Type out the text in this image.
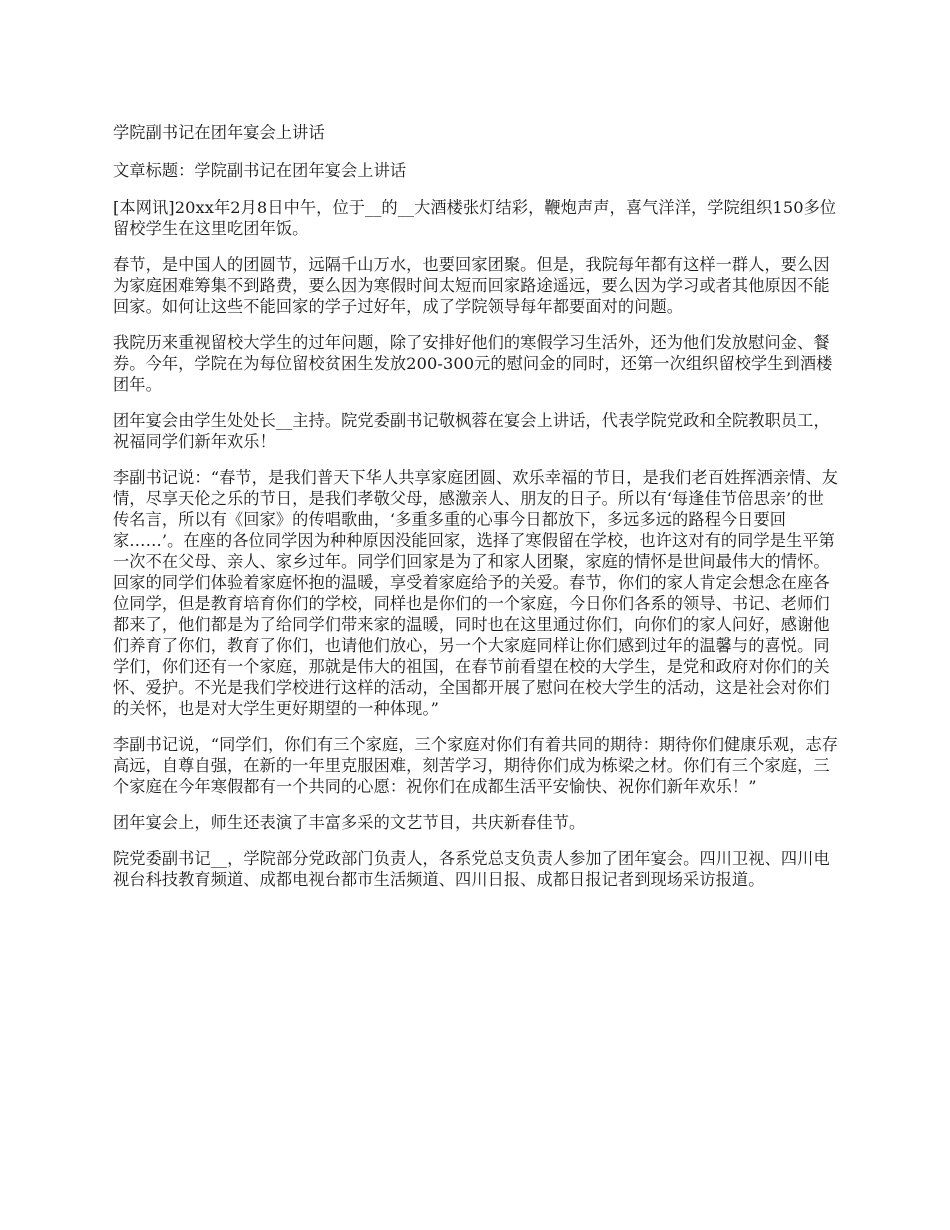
学院副书记在团年宴会上讲话

文章标题：学院副书记在团年宴会上讲话

[本网讯]20xx年2月8日中午，位于__的__大酒楼张灯结彩，鞭炮声声，喜气洋洋，学院组织150多位留校学生在这里吃团年饭。

春节，是中国人的团圆节，远隔千山万水，也要回家团聚。但是，我院每年都有这样一群人，要么因为家庭困难筹集不到路费，要么因为寒假时间太短而回家路途遥远，要么因为学习或者其他原因不能回家。如何让这些不能回家的学子过好年，成了学院领导每年都要面对的问题。

我院历来重视留校大学生的过年问题，除了安排好他们的寒假学习生活外，还为他们发放慰问金、餐券。今年，学院在为每位留校贫困生发放200-300元的慰问金的同时，还第一次组织留校学生到酒楼团年。

团年宴会由学生处处长__主持。院党委副书记敬枫蓉在宴会上讲话，代表学院党政和全院教职员工，祝福同学们新年欢乐！

李副书记说：“春节，是我们普天下华人共享家庭团圆、欢乐幸福的节日，是我们老百姓挥洒亲情、友情，尽享天伦之乐的节日，是我们孝敬父母，感激亲人、朋友的日子。所以有‘每逢佳节倍思亲’的世传名言，所以有《回家》的传唱歌曲，‘多重多重的心事今日都放下，多远多远的路程今日要回家……’。在座的各位同学因为种种原因没能回家，选择了寒假留在学校，也许这对有的同学是生平第一次不在父母、亲人、家乡过年。同学们回家是为了和家人团聚，家庭的情怀是世间最伟大的情怀。回家的同学们体验着家庭怀抱的温暖，享受着家庭给予的关爱。春节，你们的家人肯定会想念在座各位同学，但是教育培育你们的学校，同样也是你们的一个家庭，今日你们各系的领导、书记、老师们都来了，他们都是为了给同学们带来家的温暖，同时也在这里通过你们，向你们的家人问好，感谢他们养育了你们，教育了你们，也请他们放心，另一个大家庭同样让你们感到过年的温馨与的喜悦。同学们，你们还有一个家庭，那就是伟大的祖国，在春节前看望在校的大学生，是党和政府对你们的关怀、爱护。不光是我们学校进行这样的活动，全国都开展了慰问在校大学生的活动，这是社会对你们的关怀，也是对大学生更好期望的一种体现。”

李副书记说，“同学们，你们有三个家庭，三个家庭对你们有着共同的期待：期待你们健康乐观，志存高远，自尊自强，在新的一年里克服困难，刻苦学习，期待你们成为栋梁之材。你们有三个家庭，三个家庭在今年寒假都有一个共同的心愿：祝你们在成都生活平安愉快、祝你们新年欢乐！”

团年宴会上，师生还表演了丰富多采的文艺节目，共庆新春佳节。

院党委副书记__，学院部分党政部门负责人，各系党总支负责人参加了团年宴会。四川卫视、四川电视台科技教育频道、成都电视台都市生活频道、四川日报、成都日报记者到现场采访报道。
